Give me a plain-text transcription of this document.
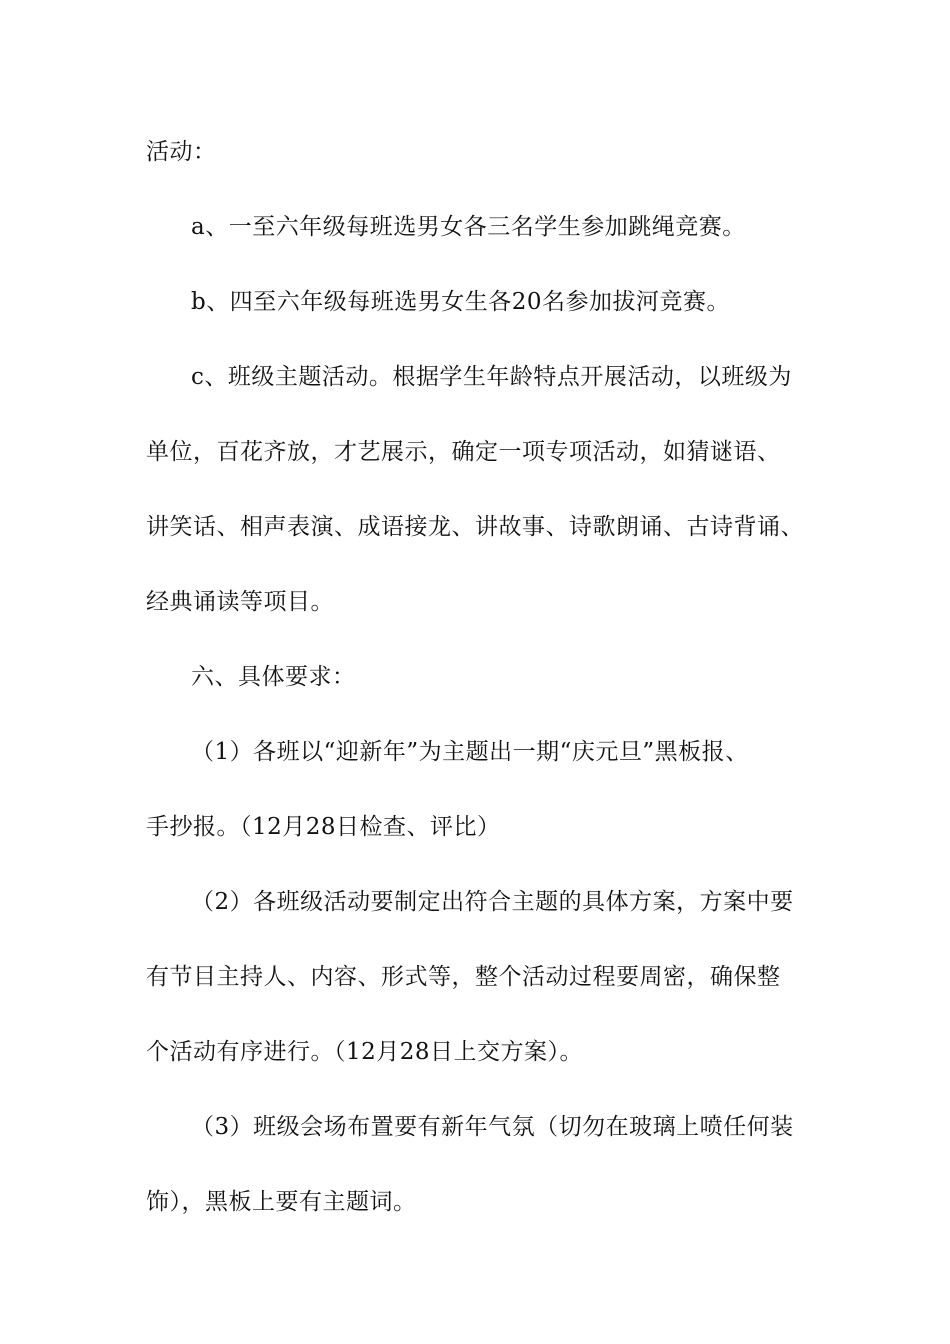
活动：
a、一至六年级每班选男女各三名学生参加跳绳竞赛。
b、四至六年级每班选男女生各20名参加拔河竞赛。
c、班级主题活动。根据学生年龄特点开展活动，以班级为
单位，百花齐放，才艺展示，确定一项专项活动，如猜谜语、
讲笑话、相声表演、成语接龙、讲故事、诗歌朗诵、古诗背诵、
经典诵读等项目。
六、具体要求：
（1）各班以“迎新年”为主题出一期“庆元旦”黑板报、
手抄报。（12月28日检查、评比）
（2）各班级活动要制定出符合主题的具体方案，方案中要
有节目主持人、内容、形式等，整个活动过程要周密，确保整
个活动有序进行。（12月28日上交方案）。
（3）班级会场布置要有新年气氛（切勿在玻璃上喷任何装
饰），黑板上要有主题词。
